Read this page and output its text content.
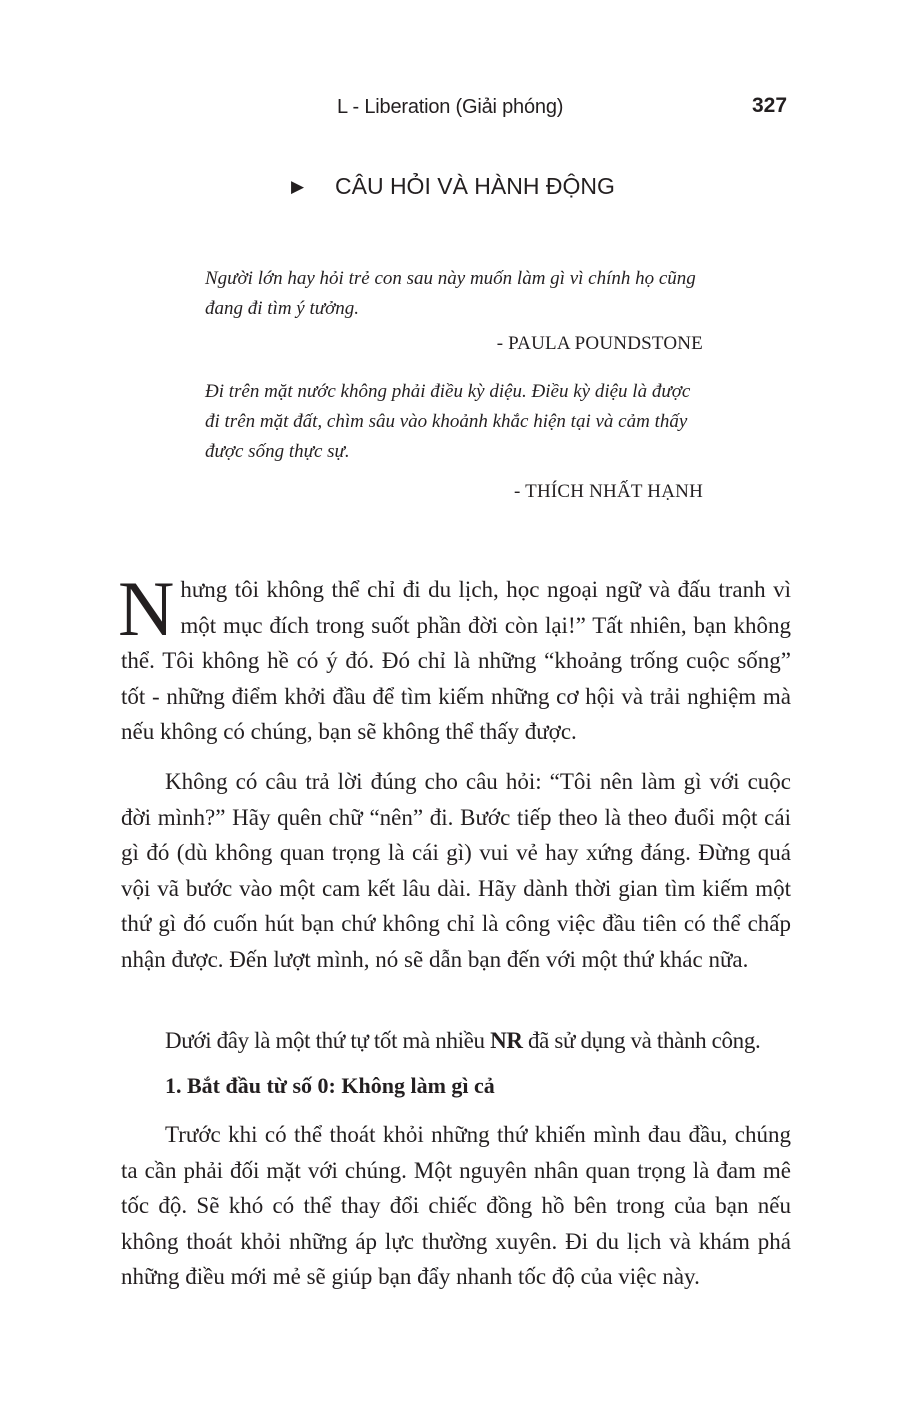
L - Liberation (Giải phóng)	327
▶	CÂU HỎI VÀ HÀNH ĐỘNG
Người lớn hay hỏi trẻ con sau này muốn làm gì vì chính họ cũng đang đi tìm ý tưởng.
- PAULA POUNDSTONE
Đi trên mặt nước không phải điều kỳ diệu. Điều kỳ diệu là được đi trên mặt đất, chìm sâu vào khoảnh khắc hiện tại và cảm thấy được sống thực sự.
- THÍCH NHẤT HẠNH
Nhưng tôi không thể chỉ đi du lịch, học ngoại ngữ và đấu tranh vì một mục đích trong suốt phần đời còn lại!” Tất nhiên, bạn không thể. Tôi không hề có ý đó. Đó chỉ là những “khoảng trống cuộc sống” tốt - những điểm khởi đầu để tìm kiếm những cơ hội và trải nghiệm mà nếu không có chúng, bạn sẽ không thể thấy được.
Không có câu trả lời đúng cho câu hỏi: “Tôi nên làm gì với cuộc đời mình?” Hãy quên chữ “nên” đi. Bước tiếp theo là theo đuổi một cái gì đó (dù không quan trọng là cái gì) vui vẻ hay xứng đáng. Đừng quá vội vã bước vào một cam kết lâu dài. Hãy dành thời gian tìm kiếm một thứ gì đó cuốn hút bạn chứ không chỉ là công việc đầu tiên có thể chấp nhận được. Đến lượt mình, nó sẽ dẫn bạn đến với một thứ khác nữa.
Dưới đây là một thứ tự tốt mà nhiều NR đã sử dụng và thành công.
1. Bắt đầu từ số 0: Không làm gì cả
Trước khi có thể thoát khỏi những thứ khiến mình đau đầu, chúng ta cần phải đối mặt với chúng. Một nguyên nhân quan trọng là đam mê tốc độ. Sẽ khó có thể thay đổi chiếc đồng hồ bên trong của bạn nếu không thoát khỏi những áp lực thường xuyên. Đi du lịch và khám phá những điều mới mẻ sẽ giúp bạn đẩy nhanh tốc độ của việc này.
